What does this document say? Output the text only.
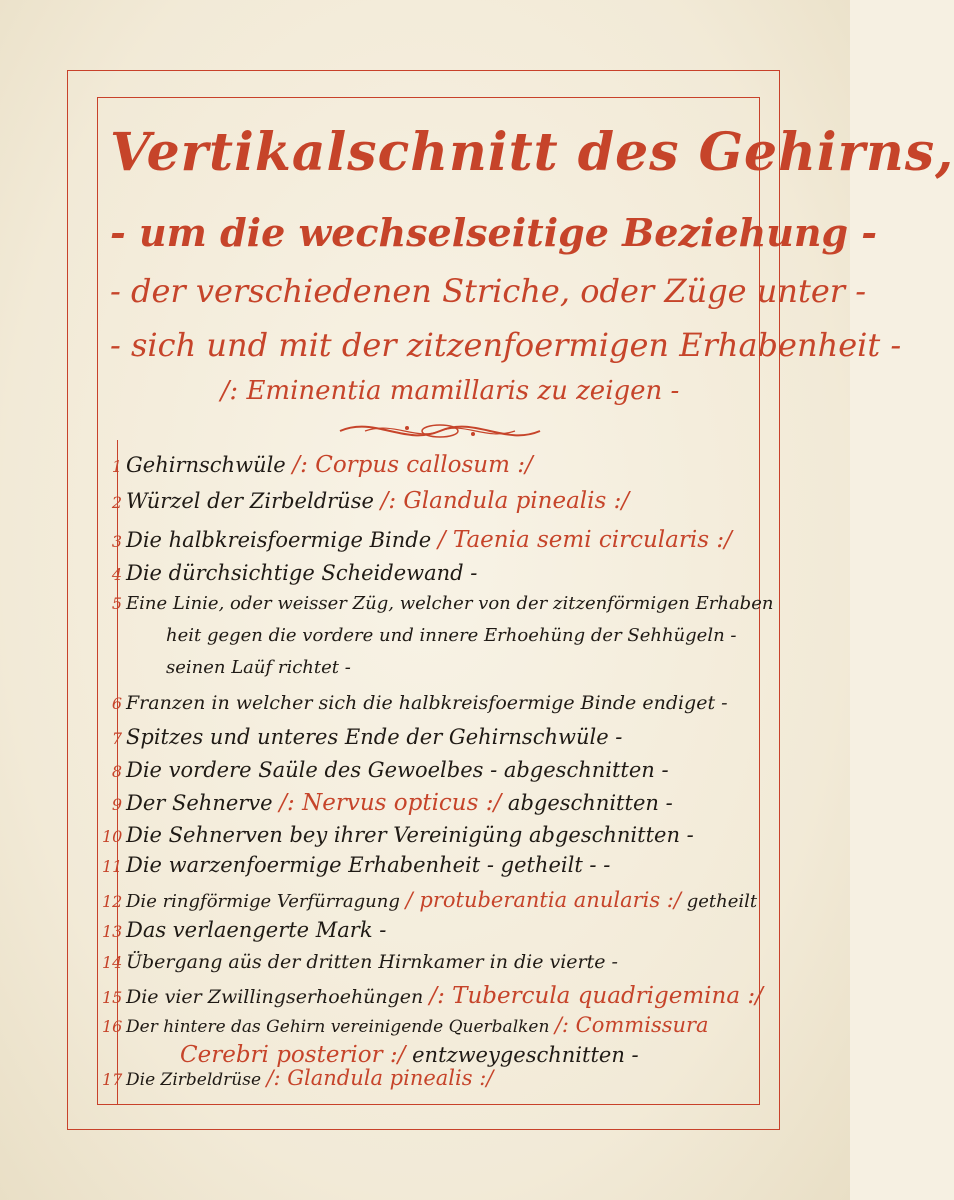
Vertikalschnitt des Gehirns,
- um die wechselseitige Beziehung -
- der verschiedenen Striche, oder Züge unter -
- sich und mit der zitzenfoermigen Erhabenheit -
/: Eminentia mamillaris zu zeigen -
1 Gehirnschwüle /: Corpus callosum :/
2 Würzel der Zirbeldrüse /: Glandula pinealis :/
3 Die halbkreisfoermige Binde / Taenia semi circularis :/
4 Die dürchsichtige Scheidewand -
5 Eine Linie, oder weisser Züg, welcher von der zitzenförmigen Erhaben
heit gegen die vordere und innere Erhoehüng der Sehhügeln -
seinen Laüf richtet -
6 Franzen in welcher sich die halbkreisfoermige Binde endiget -
7 Spitzes und unteres Ende der Gehirnschwüle -
8 Die vordere Saüle des Gewoelbes - abgeschnitten -
9 Der Sehnerve /: Nervus opticus :/ abgeschnitten -
10 Die Sehnerven bey ihrer Vereinigüng abgeschnitten -
11 Die warzenfoermige Erhabenheit - getheilt - -
12 Die ringförmige Verfürragung / protuberantia anularis :/ getheilt
13 Das verlaengerte Mark -
14 Übergang aüs der dritten Hirnkamer in die vierte -
15 Die vier Zwillingserhoehüngen /: Tubercula quadrigemina :/
16 Der hintere das Gehirn vereinigende Querbalken /: Commissura
Cerebri posterior :/ entzweygeschnitten -
17 Die Zirbeldrüse /: Glandula pinealis :/
